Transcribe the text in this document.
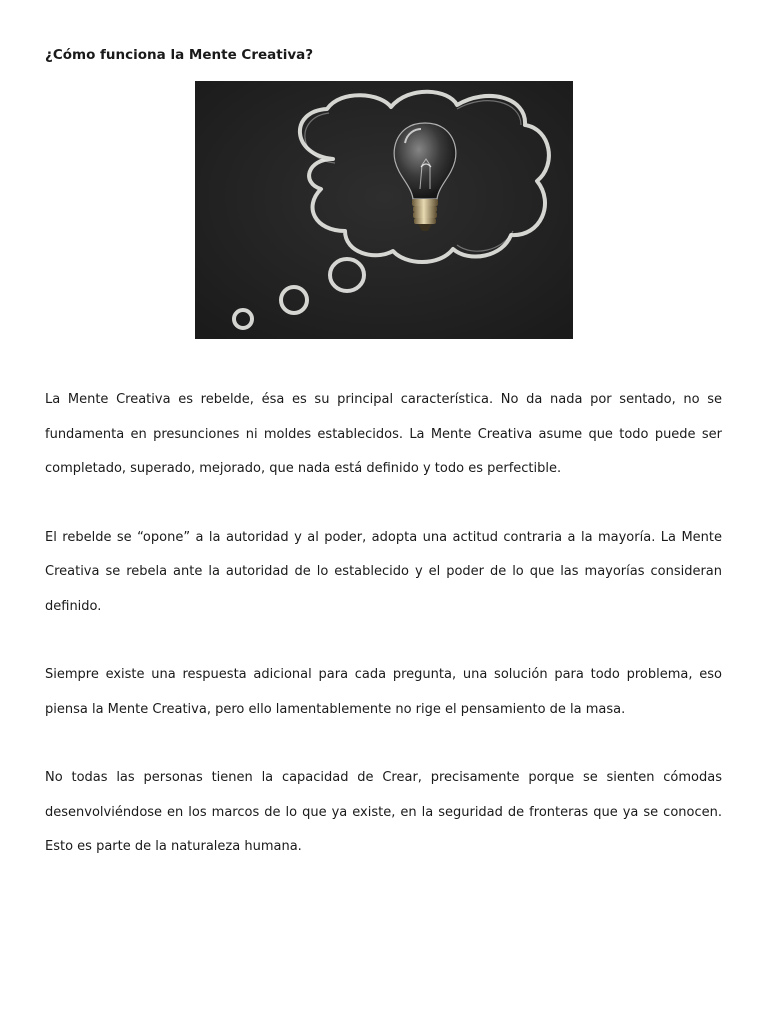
¿Cómo funciona la Mente Creativa?

La Mente Creativa es rebelde, ésa es su principal característica. No da nada por sentado, no se fundamenta en presunciones ni moldes establecidos. La Mente Creativa asume que todo puede ser completado, superado, mejorado, que nada está definido y todo es perfectible.

El rebelde se “opone” a la autoridad y al poder, adopta una actitud contraria a la mayoría. La Mente Creativa se rebela ante la autoridad de lo establecido y el poder de lo que las mayorías consideran definido.

Siempre existe una respuesta adicional para cada pregunta, una solución para todo problema, eso piensa la Mente Creativa, pero ello lamentablemente no rige el pensamiento de la masa.

No todas las personas tienen la capacidad de Crear, precisamente porque se sienten cómodas desenvolviéndose en los marcos de lo que ya existe, en la seguridad de fronteras que ya se conocen. Esto es parte de la naturaleza humana.
